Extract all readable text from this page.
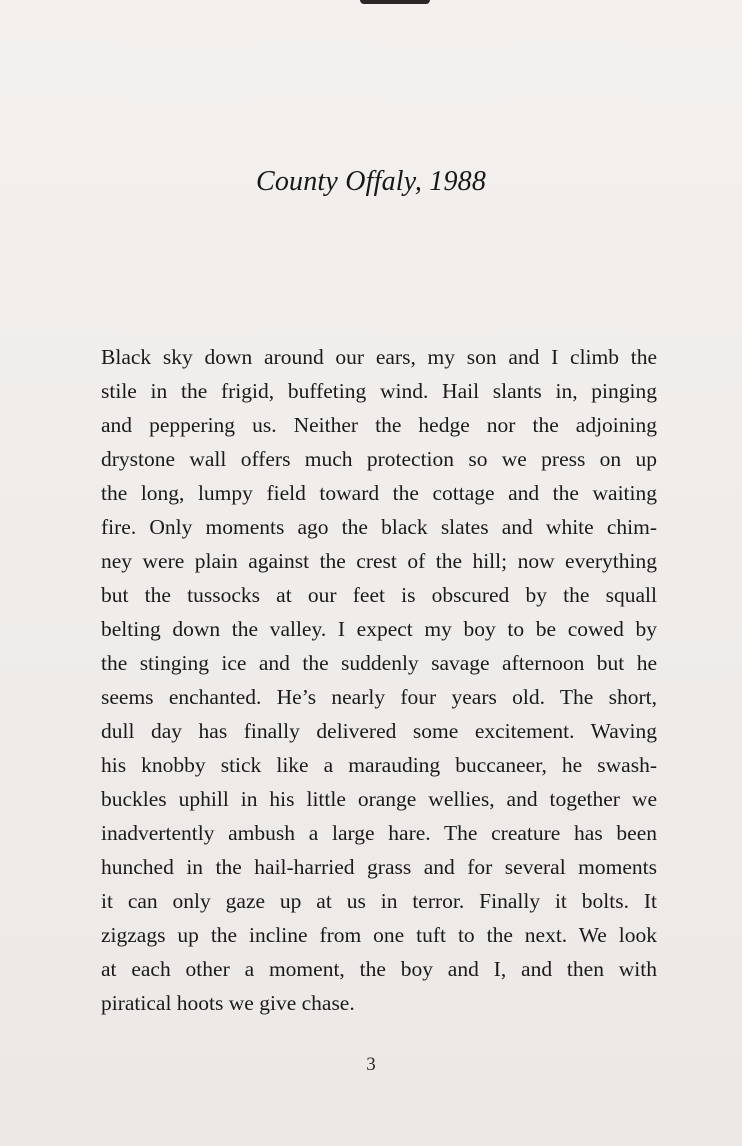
County Offaly, 1988
Black sky down around our ears, my son and I climb the
stile in the frigid, buffeting wind. Hail slants in, pinging
and peppering us. Neither the hedge nor the adjoining
drystone wall offers much protection so we press on up
the long, lumpy field toward the cottage and the waiting
fire. Only moments ago the black slates and white chim-
ney were plain against the crest of the hill; now everything
but the tussocks at our feet is obscured by the squall
belting down the valley. I expect my boy to be cowed by
the stinging ice and the suddenly savage afternoon but he
seems enchanted. He’s nearly four years old. The short,
dull day has finally delivered some excitement. Waving
his knobby stick like a marauding buccaneer, he swash-
buckles uphill in his little orange wellies, and together we
inadvertently ambush a large hare. The creature has been
hunched in the hail-harried grass and for several moments
it can only gaze up at us in terror. Finally it bolts. It
zigzags up the incline from one tuft to the next. We look
at each other a moment, the boy and I, and then with
piratical hoots we give chase.
3
